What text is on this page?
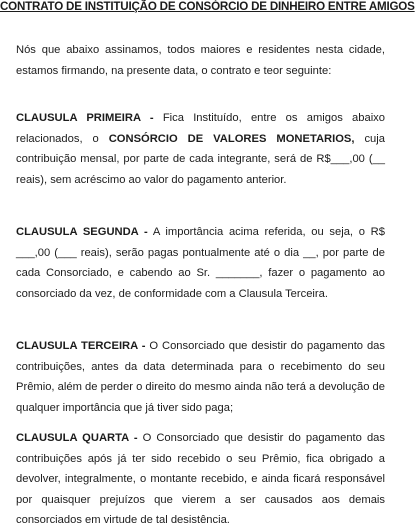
CONTRATO DE INSTITUIÇÃO DE CONSÓRCIO DE DINHEIRO ENTRE AMIGOS

Nós que abaixo assinamos, todos maiores e residentes nesta cidade, estamos firmando, na presente data, o contrato e teor seguinte:

CLAUSULA PRIMEIRA - Fica Instituído, entre os amigos abaixo relacionados, o CONSÓRCIO DE VALORES MONETARIOS, cuja contribuição mensal, por parte de cada integrante, será de R$___,00 (__ reais), sem acréscimo ao valor do pagamento anterior.

CLAUSULA SEGUNDA - A importância acima referida, ou seja, o R$ ___,00 (___ reais), serão pagas pontualmente até o dia __, por parte de cada Consorciado, e cabendo ao Sr. _______, fazer o pagamento ao consorciado da vez, de conformidade com a Clausula Terceira.

CLAUSULA TERCEIRA - O Consorciado que desistir do pagamento das contribuições, antes da data determinada para o recebimento do seu Prêmio, além de perder o direito do mesmo ainda não terá a devolução de qualquer importância que já tiver sido paga;

CLAUSULA QUARTA - O Consorciado que desistir do pagamento das contribuições após já ter sido recebido o seu Prêmio, fica obrigado a devolver, integralmente, o montante recebido, e ainda ficará responsável por quaisquer prejuízos que vierem a ser causados aos demais consorciados em virtude de tal desistência.
